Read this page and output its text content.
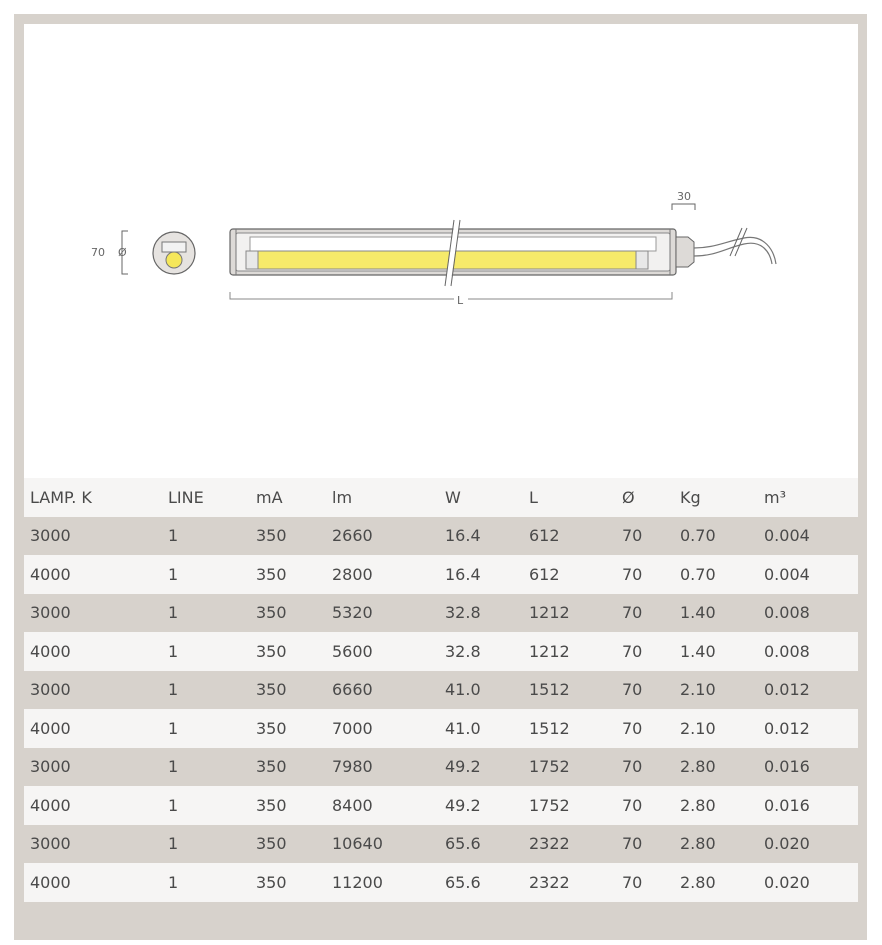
70 Ø
30
L
LAMP. K	LINE	mA	lm	W	L	Ø	Kg	m³
3000	1	350	2660	16.4	612	70	0.70	0.004
4000	1	350	2800	16.4	612	70	0.70	0.004
3000	1	350	5320	32.8	1212	70	1.40	0.008
4000	1	350	5600	32.8	1212	70	1.40	0.008
3000	1	350	6660	41.0	1512	70	2.10	0.012
4000	1	350	7000	41.0	1512	70	2.10	0.012
3000	1	350	7980	49.2	1752	70	2.80	0.016
4000	1	350	8400	49.2	1752	70	2.80	0.016
3000	1	350	10640	65.6	2322	70	2.80	0.020
4000	1	350	11200	65.6	2322	70	2.80	0.020
